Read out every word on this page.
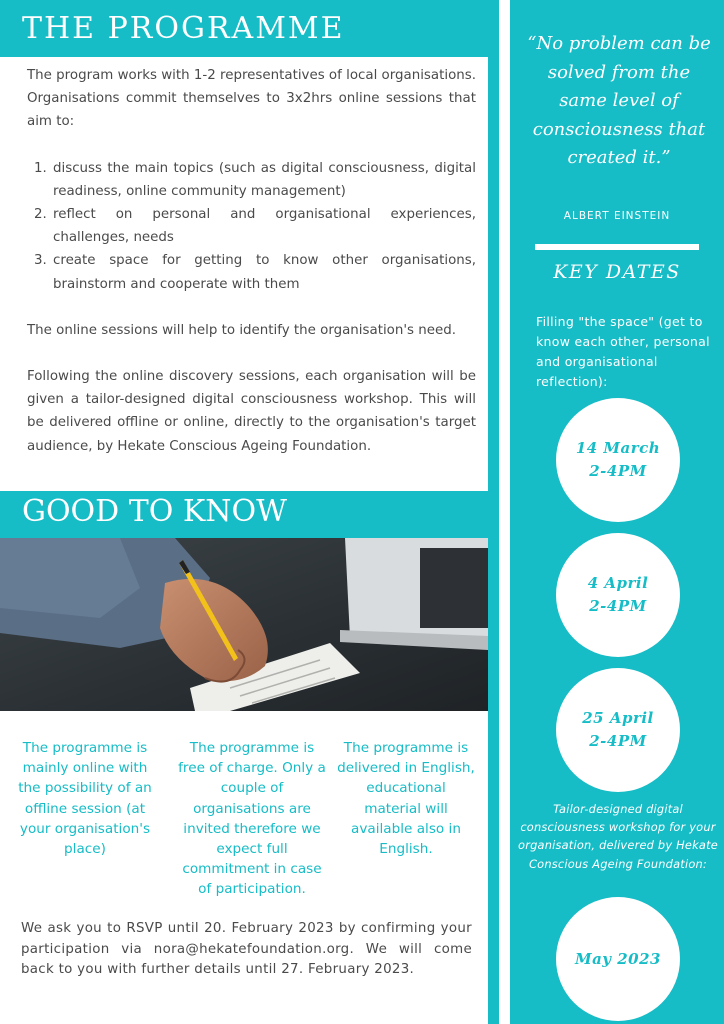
THE PROGRAMME

The program works with 1-2 representatives of local organisations. Organisations commit themselves to 3x2hrs online sessions that aim to:

1. discuss the main topics (such as digital consciousness, digital readiness, online community management)
2. reflect on personal and organisational experiences, challenges, needs
3. create space for getting to know other organisations, brainstorm and cooperate with them

The online sessions will help to identify the organisation's need.

Following the online discovery sessions, each organisation will be given a tailor-designed digital consciousness workshop. This will be delivered offline or online, directly to the organisation's target audience, by Hekate Conscious Ageing Foundation.

GOOD TO KNOW
The programme is mainly online with the possibility of an offline session (at your organisation's place)
The programme is free of charge. Only a couple of organisations are invited therefore we expect full commitment in case of participation.
The programme is delivered in English, educational material will available also in English.
We ask you to RSVP until 20. February 2023 by confirming your participation via nora@hekatefoundation.org. We will come back to you with further details until 27. February 2023.

“No problem can be solved from the same level of consciousness that created it.”

ALBERT EINSTEIN
KEY DATES
Filling "the space" (get to know each other, personal and organisational reflection):
14 March
2-4PM
4 April
2-4PM
25 April
2-4PM
Tailor-designed digital consciousness workshop for your organisation, delivered by Hekate Conscious Ageing Foundation:
May 2023
